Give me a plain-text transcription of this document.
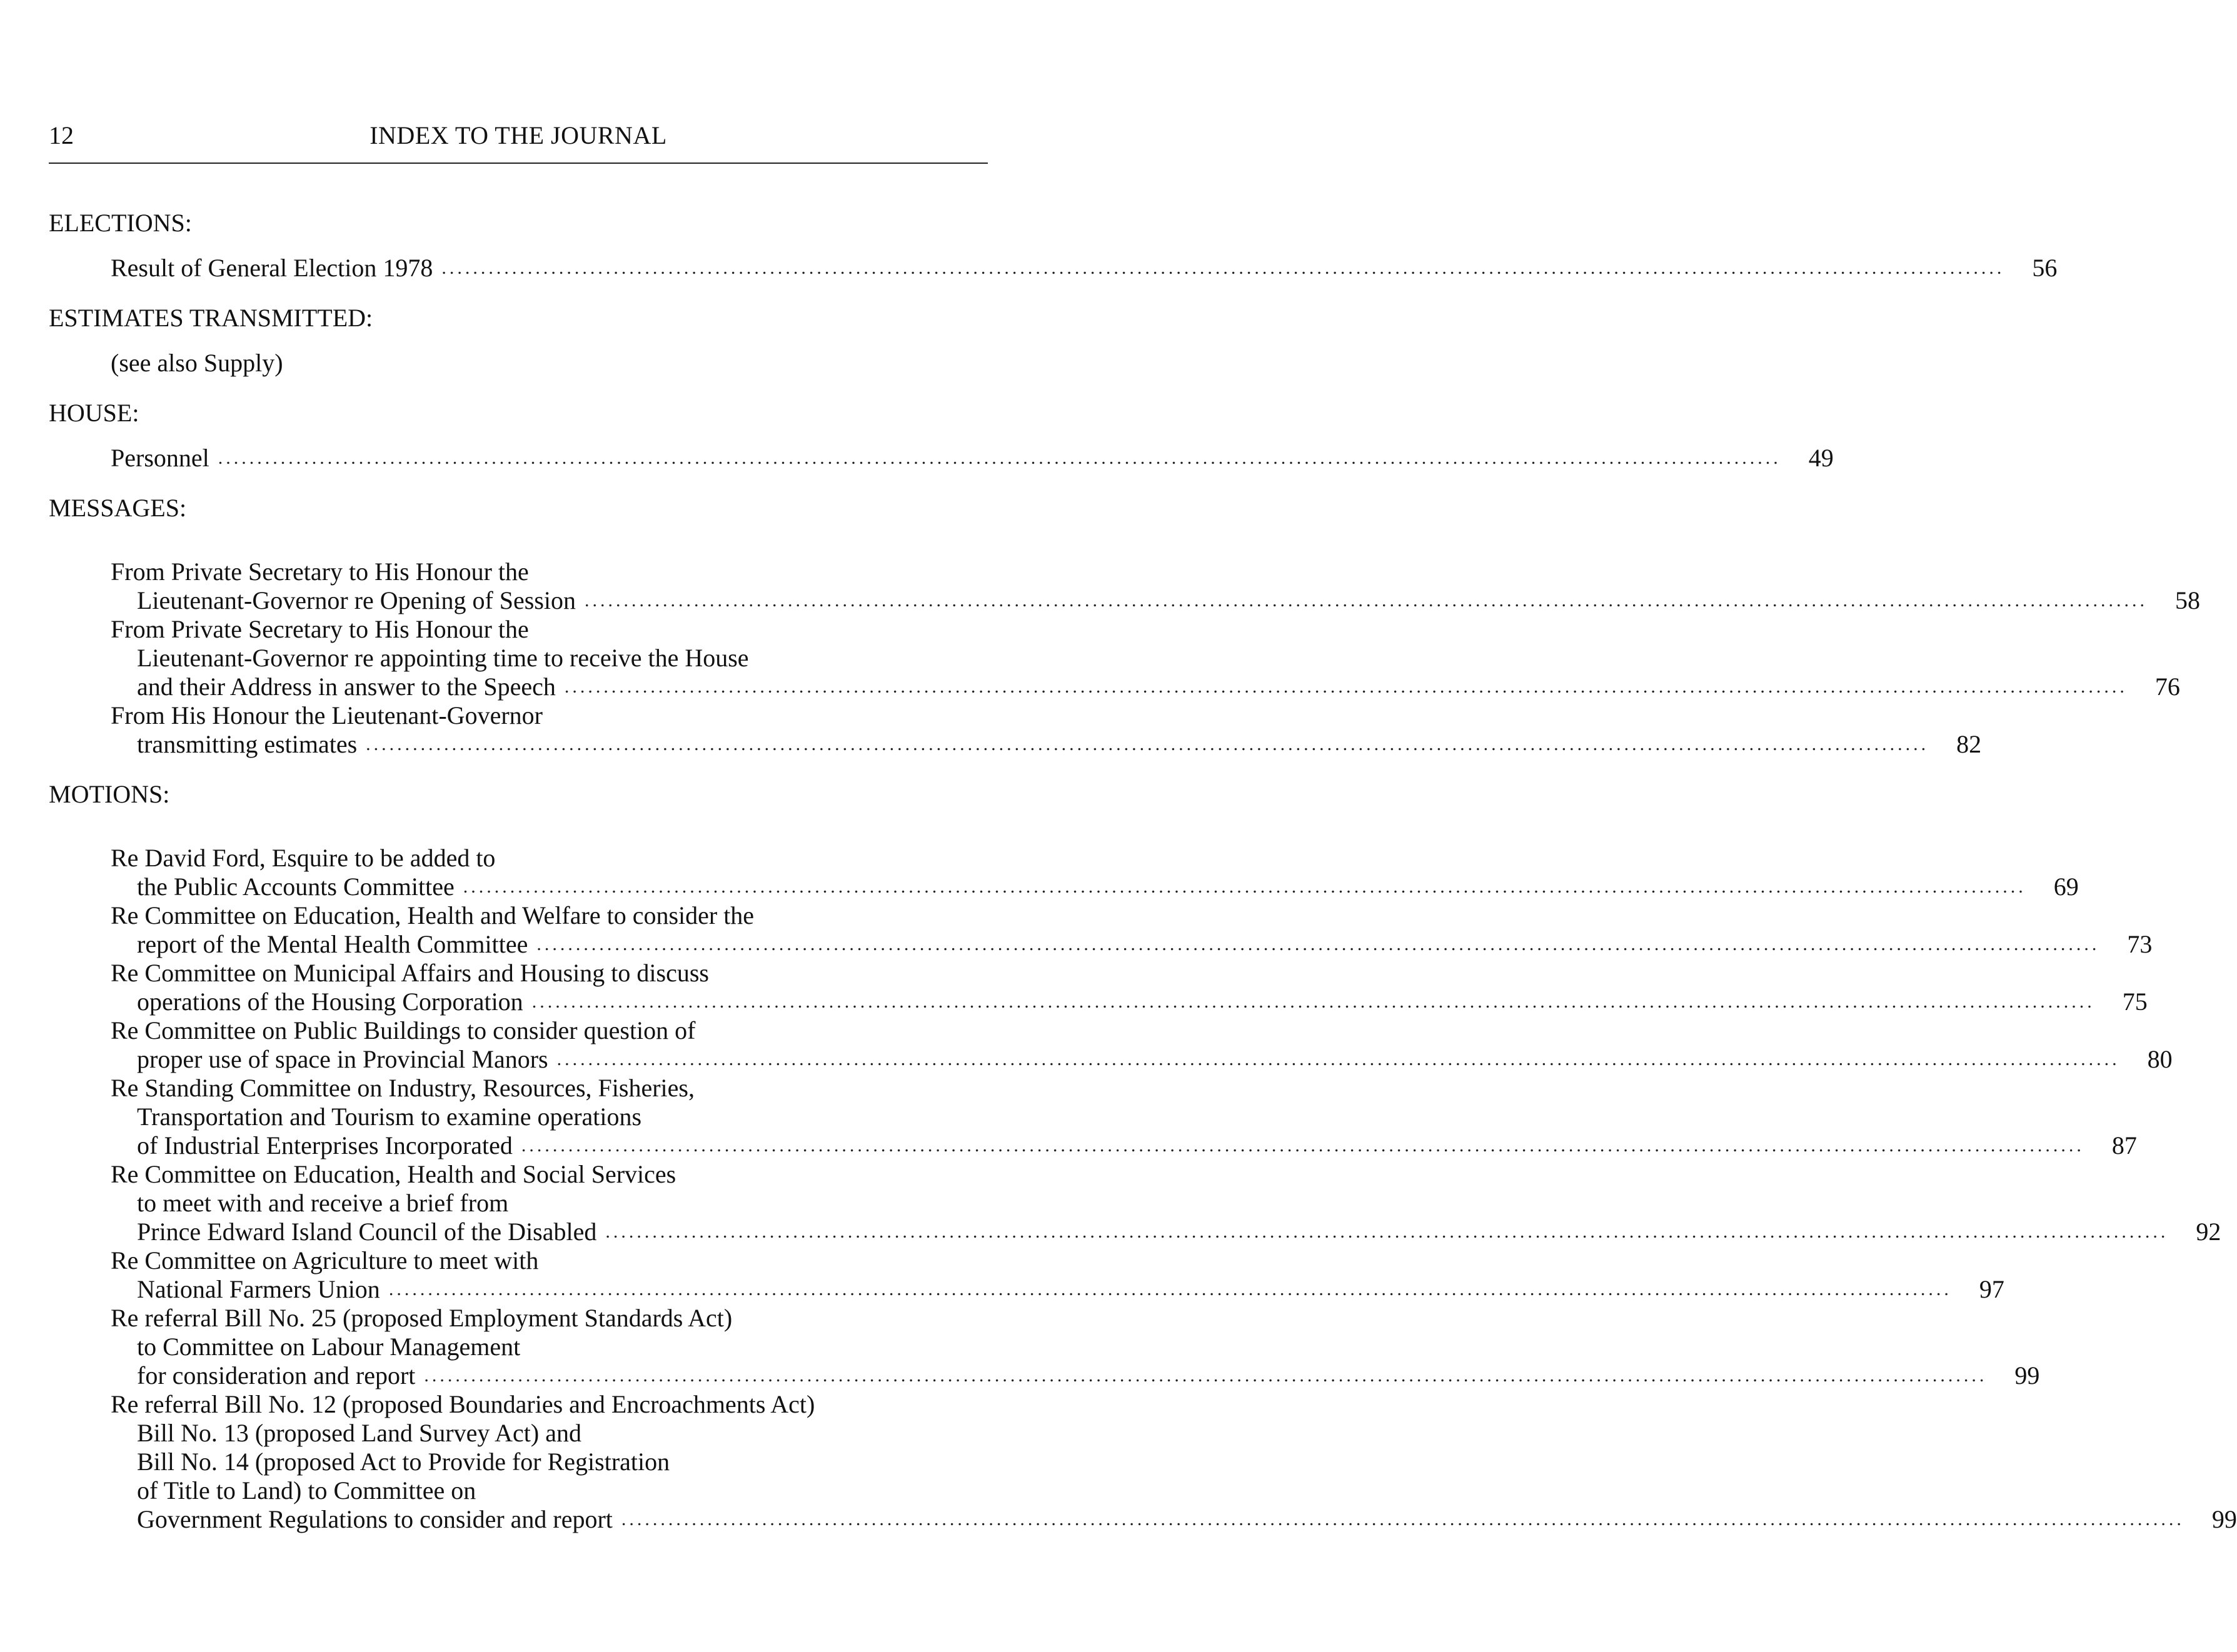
12	INDEX TO THE JOURNAL
ELECTIONS:
Result of General Election 1978 ........................................................................................................................................................................................................	56
ESTIMATES TRANSMITTED:
(see also Supply)
HOUSE:
Personnel ........................................................................................................................................................................................................	49
MESSAGES:
From Private Secretary to His Honour the
Lieutenant-Governor re Opening of Session ........................................................................................................................................................................................................	58
From Private Secretary to His Honour the
Lieutenant-Governor re appointing time to receive the House
and their Address in answer to the Speech ........................................................................................................................................................................................................	76
From His Honour the Lieutenant-Governor
transmitting estimates ........................................................................................................................................................................................................	82
MOTIONS:
Re David Ford, Esquire to be added to
the Public Accounts Committee ........................................................................................................................................................................................................	69
Re Committee on Education, Health and Welfare to consider the
report of the Mental Health Committee ........................................................................................................................................................................................................	73
Re Committee on Municipal Affairs and Housing to discuss
operations of the Housing Corporation ........................................................................................................................................................................................................	75
Re Committee on Public Buildings to consider question of
proper use of space in Provincial Manors ........................................................................................................................................................................................................	80
Re Standing Committee on Industry, Resources, Fisheries,
Transportation and Tourism to examine operations
of Industrial Enterprises Incorporated ........................................................................................................................................................................................................	87
Re Committee on Education, Health and Social Services
to meet with and receive a brief from
Prince Edward Island Council of the Disabled ........................................................................................................................................................................................................	92
Re Committee on Agriculture to meet with
National Farmers Union ........................................................................................................................................................................................................	97
Re referral Bill No. 25 (proposed Employment Standards Act)
to Committee on Labour Management
for consideration and report ........................................................................................................................................................................................................	99
Re referral Bill No. 12 (proposed Boundaries and Encroachments Act)
Bill No. 13 (proposed Land Survey Act) and
Bill No. 14 (proposed Act to Provide for Registration
of Title to Land) to Committee on
Government Regulations to consider and report ........................................................................................................................................................................................................	99
